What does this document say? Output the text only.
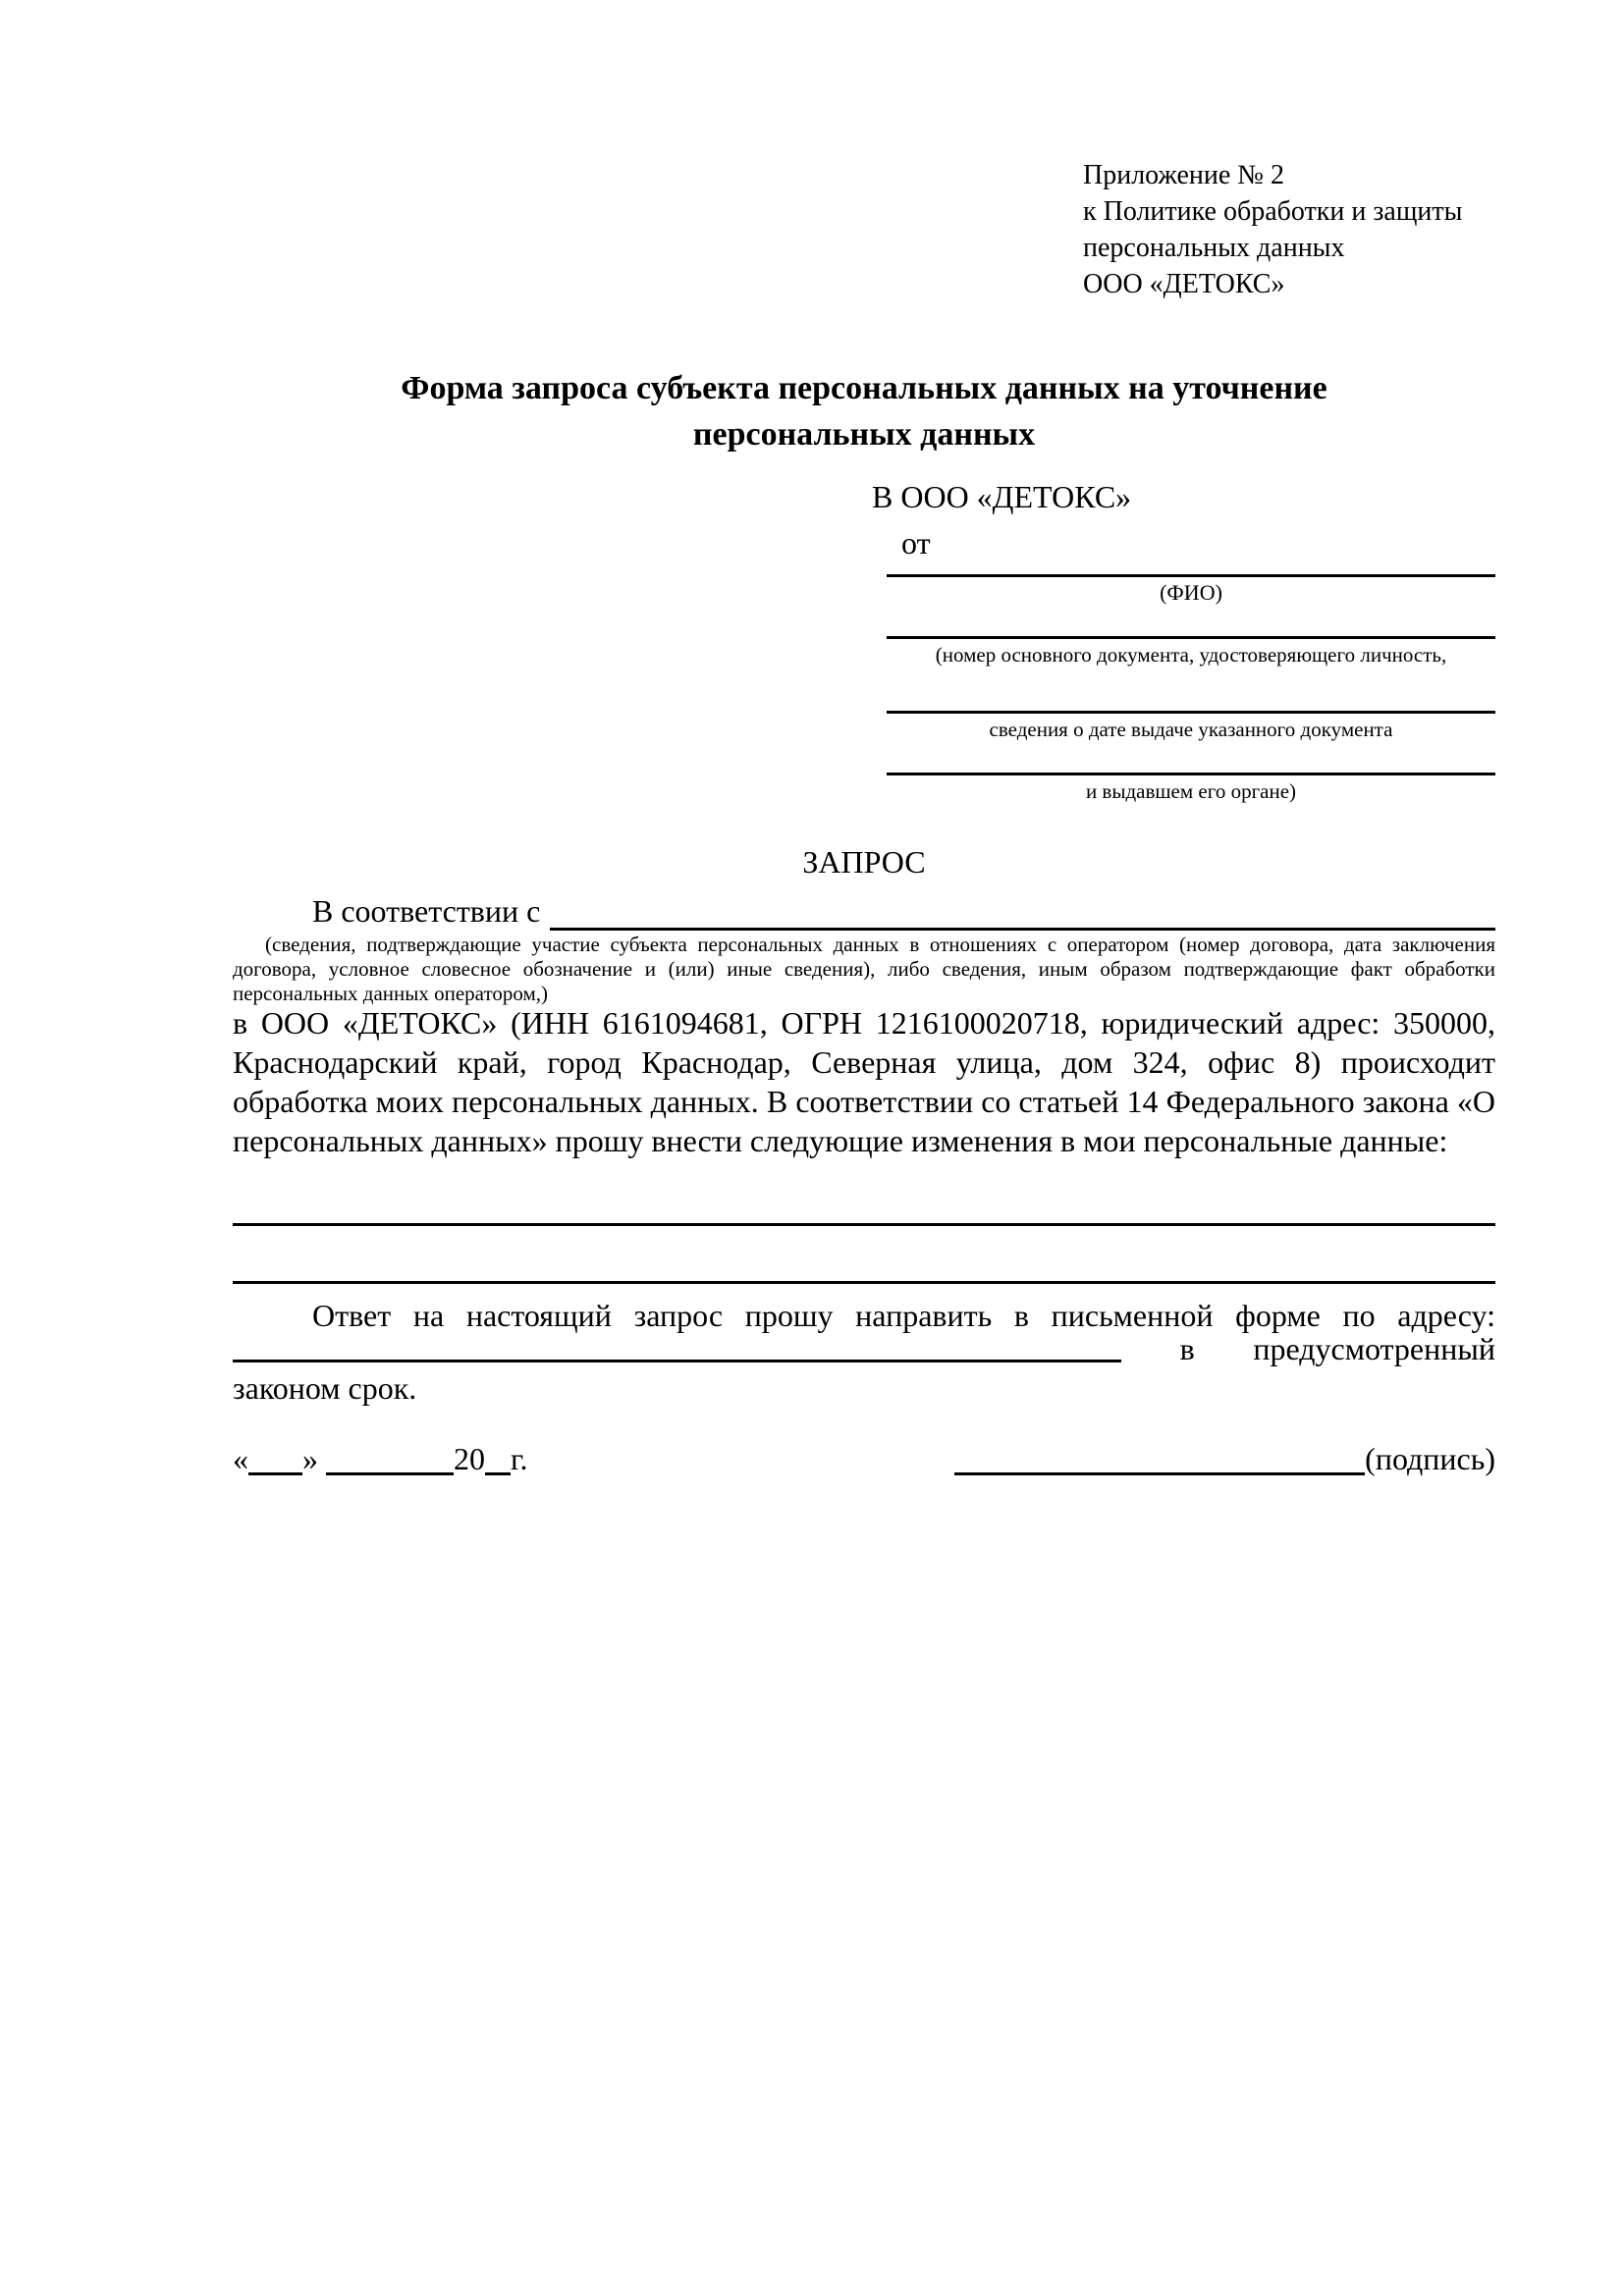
Приложение № 2
к Политике обработки и защиты
персональных данных
ООО «ДЕТОКС»
Форма запроса субъекта персональных данных на уточнение
персональных данных
В ООО «ДЕТОКС»
от
(ФИО)
(номер основного документа, удостоверяющего личность,
сведения о дате выдаче указанного документа
и выдавшем его органе)
ЗАПРОС
В соответствии с
(сведения, подтверждающие участие субъекта персональных данных в отношениях с оператором (номер договора, дата заключения договора, условное словесное обозначение и (или) иные сведения), либо сведения, иным образом подтверждающие факт обработки персональных данных оператором,)
в ООО «ДЕТОКС» (ИНН 6161094681, ОГРН 1216100020718, юридический адрес: 350000, Краснодарский край, город Краснодар, Северная улица, дом 324, офис 8) происходит обработка моих персональных данных. В соответствии со статьей 14 Федерального закона «О персональных данных» прошу внести следующие изменения в мои персональные данные:
Ответ на настоящий запрос прошу направить в письменной форме по адресу:
в предусмотренный
законом срок.
« »	20 г.	(подпись)
